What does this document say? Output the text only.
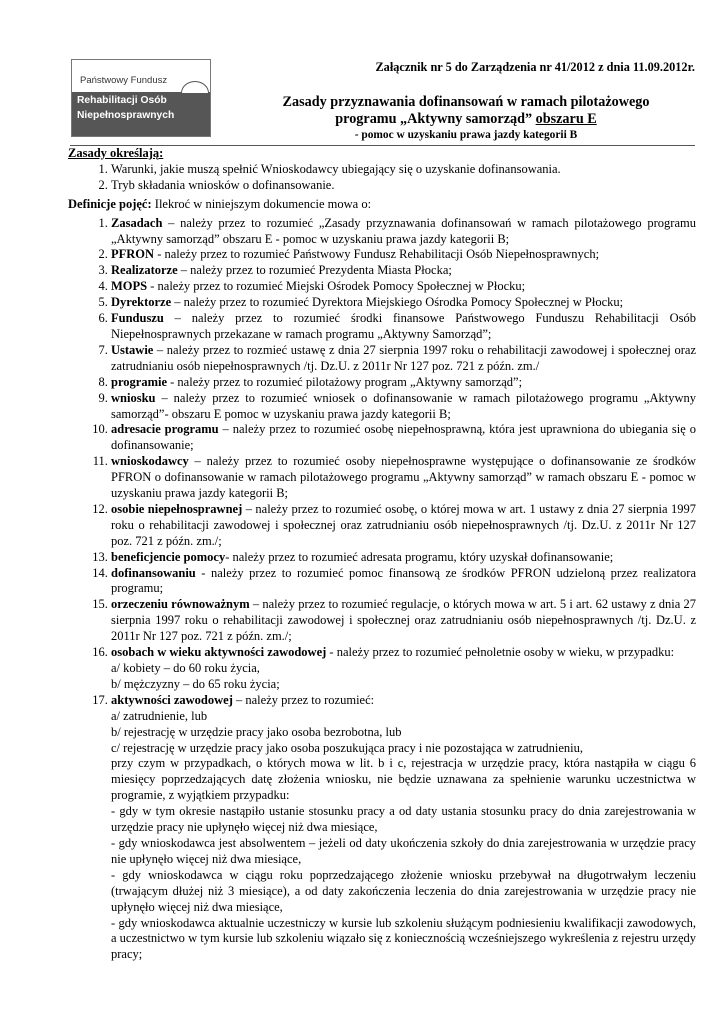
Załącznik nr 5 do Zarządzenia nr 41/2012 z dnia 11.09.2012r.
Państwowy Fundusz
Rehabilitacji Osób
Niepełnosprawnych
Zasady przyznawania dofinansowań w ramach pilotażowego
programu „Aktywny samorząd” obszaru E
- pomoc w uzyskaniu prawa jazdy kategorii B

Zasady określają:

1. Warunki, jakie muszą spełnić Wnioskodawcy ubiegający się o uzyskanie dofinansowania.
2. Tryb składania wniosków o dofinansowanie.

Definicje pojęć: Ilekroć w niniejszym dokumencie mowa o:

1. Zasadach – należy przez to rozumieć „Zasady przyznawania dofinansowań w ramach pilotażowego programu „Aktywny samorząd” obszaru E - pomoc w uzyskaniu prawa jazdy kategorii B;
2. PFRON - należy przez to rozumieć Państwowy Fundusz Rehabilitacji Osób Niepełnosprawnych;
3. Realizatorze – należy przez to rozumieć Prezydenta Miasta Płocka;
4. MOPS - należy przez to rozumieć Miejski Ośrodek Pomocy Społecznej w Płocku;
5. Dyrektorze – należy przez to rozumieć Dyrektora Miejskiego Ośrodka Pomocy Społecznej w Płocku;
6. Funduszu – należy przez to rozumieć środki finansowe Państwowego Funduszu Rehabilitacji Osób Niepełnosprawnych przekazane w ramach programu „Aktywny Samorząd”;
7. Ustawie – należy przez to rozmieć ustawę z dnia 27 sierpnia 1997 roku o rehabilitacji zawodowej i społecznej oraz zatrudnianiu osób niepełnosprawnych /tj. Dz.U. z 2011r Nr 127 poz. 721 z późn. zm./
8. programie - należy przez to rozumieć pilotażowy program „Aktywny samorząd”;
9. wniosku – należy przez to rozumieć wniosek o dofinansowanie w ramach pilotażowego programu „Aktywny samorząd”- obszaru E pomoc w uzyskaniu prawa jazdy kategorii B;
10. adresacie programu – należy przez to rozumieć osobę niepełnosprawną, która jest uprawniona do ubiegania się o dofinansowanie;
11. wnioskodawcy – należy przez to rozumieć osoby niepełnosprawne występujące o dofinansowanie ze środków PFRON o dofinansowanie w ramach pilotażowego programu „Aktywny samorząd” w ramach obszaru E - pomoc w uzyskaniu prawa jazdy kategorii B;
12. osobie niepełnosprawnej – należy przez to rozumieć osobę, o której mowa w art. 1 ustawy z dnia 27 sierpnia 1997 roku o rehabilitacji zawodowej i społecznej oraz zatrudnianiu osób niepełnosprawnych /tj. Dz.U. z 2011r Nr 127 poz. 721 z późn. zm./;
13. beneficjencie pomocy- należy przez to rozumieć adresata programu, który uzyskał dofinansowanie;
14. dofinansowaniu - należy przez to rozumieć pomoc finansową ze środków PFRON udzieloną przez realizatora programu;
15. orzeczeniu równoważnym – należy przez to rozumieć regulacje, o których mowa w art. 5 i art. 62 ustawy z dnia 27 sierpnia 1997 roku o rehabilitacji zawodowej i społecznej oraz zatrudnianiu osób niepełnosprawnych /tj. Dz.U. z 2011r Nr 127 poz. 721 z późn. zm./;
16. osobach w wieku aktywności zawodowej - należy przez to rozumieć pełnoletnie osoby w wieku, w przypadku:
a/ kobiety – do 60 roku życia,
b/ mężczyzny – do 65 roku życia;
17. aktywności zawodowej – należy przez to rozumieć:
a/ zatrudnienie, lub
b/ rejestrację w urzędzie pracy jako osoba bezrobotna, lub
c/ rejestrację w urzędzie pracy jako osoba poszukująca pracy i nie pozostająca w zatrudnieniu,
przy czym w przypadkach, o których mowa w lit. b i c, rejestracja w urzędzie pracy, która nastąpiła w ciągu 6 miesięcy poprzedzających datę złożenia wniosku, nie będzie uznawana za spełnienie warunku uczestnictwa w programie, z wyjątkiem przypadku:
- gdy w tym okresie nastąpiło ustanie stosunku pracy a od daty ustania stosunku pracy do dnia zarejestrowania w urzędzie pracy nie upłynęło więcej niż dwa miesiące,
- gdy wnioskodawca jest absolwentem – jeżeli od daty ukończenia szkoły do dnia zarejestrowania w urzędzie pracy nie upłynęło więcej niż dwa miesiące,
- gdy wnioskodawca w ciągu roku poprzedzającego złożenie wniosku przebywał na długotrwałym leczeniu (trwającym dłużej niż 3 miesiące), a od daty zakończenia leczenia do dnia zarejestrowania w urzędzie pracy nie upłynęło więcej niż dwa miesiące,
- gdy wnioskodawca aktualnie uczestniczy w kursie lub szkoleniu służącym podniesieniu kwalifikacji zawodowych, a uczestnictwo w tym kursie lub szkoleniu wiązało się z koniecznością wcześniejszego wykreślenia z rejestru urzędy pracy;
